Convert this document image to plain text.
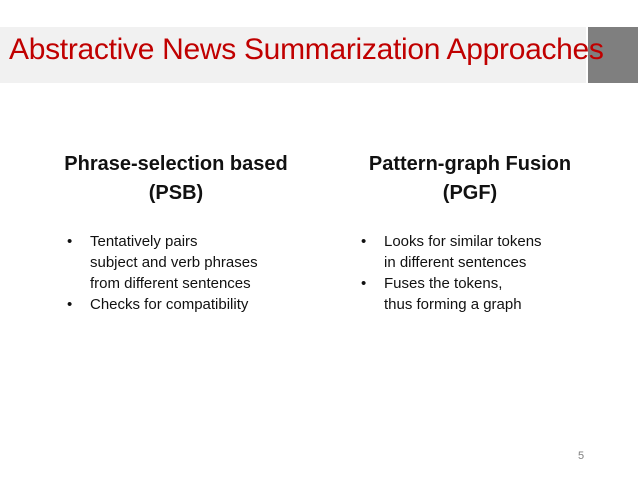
Abstractive News Summarization Approaches
Phrase-selection based
(PSB)
• Tentatively pairs
subject and verb phrases
from different sentences
• Checks for compatibility
Pattern-graph Fusion
(PGF)
• Looks for similar tokens
in different sentences
• Fuses the tokens,
thus forming a graph
5
